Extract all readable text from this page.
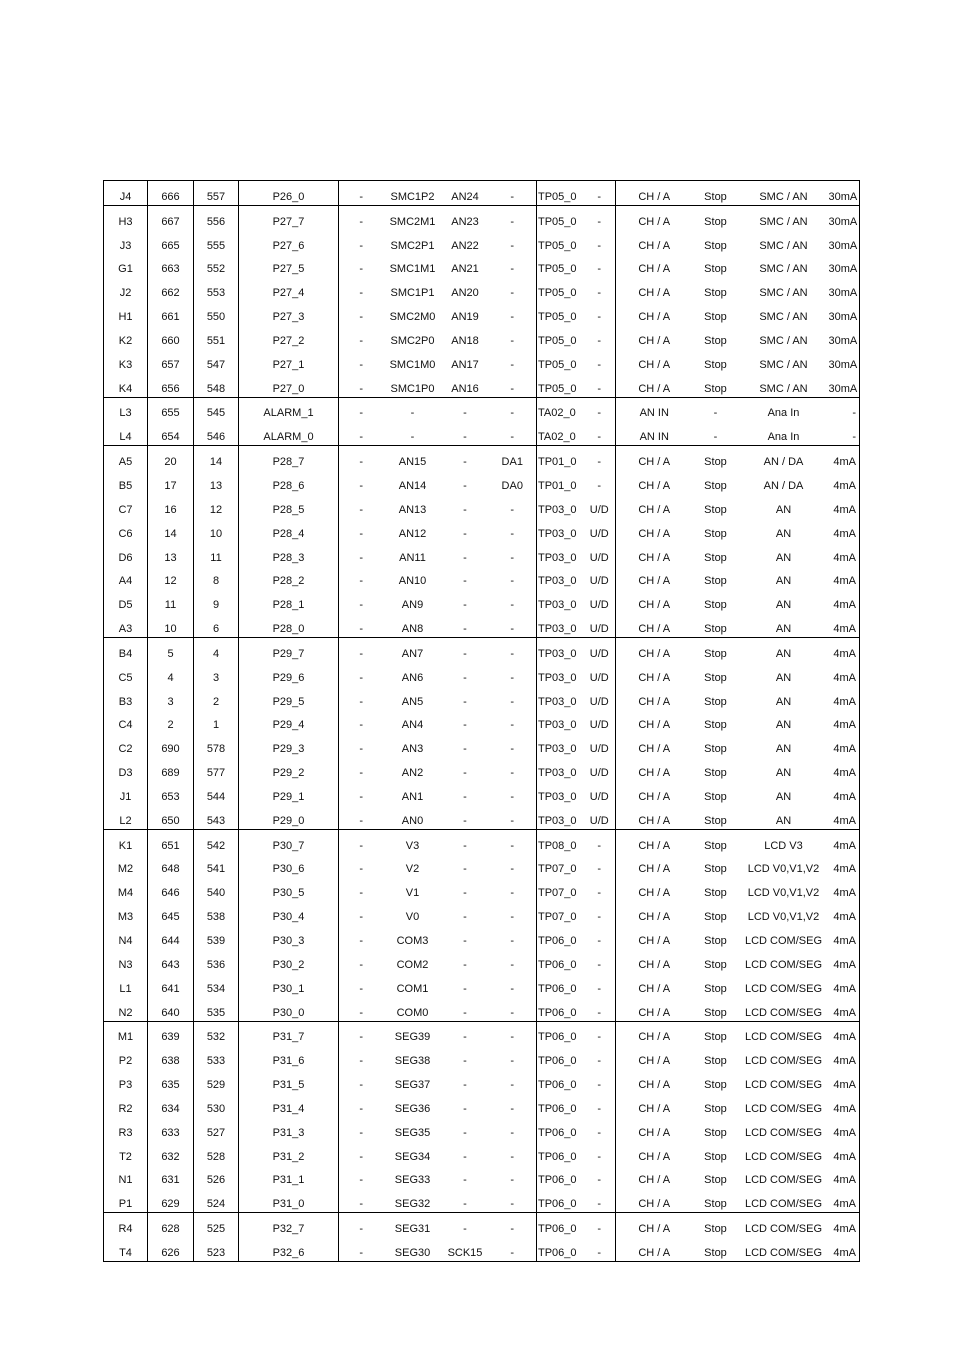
J4	666	557	P26_0	-	SMC1P2	AN24	-	TP05_0	-	CH / A	Stop	SMC / AN	30mA
H3	667	556	P27_7	-	SMC2M1	AN23	-	TP05_0	-	CH / A	Stop	SMC / AN	30mA
J3	665	555	P27_6	-	SMC2P1	AN22	-	TP05_0	-	CH / A	Stop	SMC / AN	30mA
G1	663	552	P27_5	-	SMC1M1	AN21	-	TP05_0	-	CH / A	Stop	SMC / AN	30mA
J2	662	553	P27_4	-	SMC1P1	AN20	-	TP05_0	-	CH / A	Stop	SMC / AN	30mA
H1	661	550	P27_3	-	SMC2M0	AN19	-	TP05_0	-	CH / A	Stop	SMC / AN	30mA
K2	660	551	P27_2	-	SMC2P0	AN18	-	TP05_0	-	CH / A	Stop	SMC / AN	30mA
K3	657	547	P27_1	-	SMC1M0	AN17	-	TP05_0	-	CH / A	Stop	SMC / AN	30mA
K4	656	548	P27_0	-	SMC1P0	AN16	-	TP05_0	-	CH / A	Stop	SMC / AN	30mA
L3	655	545	ALARM_1	-	-	-	-	TA02_0	-	AN IN	-	Ana In	-
L4	654	546	ALARM_0	-	-	-	-	TA02_0	-	AN IN	-	Ana In	-
A5	20	14	P28_7	-	AN15	-	DA1	TP01_0	-	CH / A	Stop	AN / DA	4mA
B5	17	13	P28_6	-	AN14	-	DA0	TP01_0	-	CH / A	Stop	AN / DA	4mA
C7	16	12	P28_5	-	AN13	-	-	TP03_0	U/D	CH / A	Stop	AN	4mA
C6	14	10	P28_4	-	AN12	-	-	TP03_0	U/D	CH / A	Stop	AN	4mA
D6	13	11	P28_3	-	AN11	-	-	TP03_0	U/D	CH / A	Stop	AN	4mA
A4	12	8	P28_2	-	AN10	-	-	TP03_0	U/D	CH / A	Stop	AN	4mA
D5	11	9	P28_1	-	AN9	-	-	TP03_0	U/D	CH / A	Stop	AN	4mA
A3	10	6	P28_0	-	AN8	-	-	TP03_0	U/D	CH / A	Stop	AN	4mA
B4	5	4	P29_7	-	AN7	-	-	TP03_0	U/D	CH / A	Stop	AN	4mA
C5	4	3	P29_6	-	AN6	-	-	TP03_0	U/D	CH / A	Stop	AN	4mA
B3	3	2	P29_5	-	AN5	-	-	TP03_0	U/D	CH / A	Stop	AN	4mA
C4	2	1	P29_4	-	AN4	-	-	TP03_0	U/D	CH / A	Stop	AN	4mA
C2	690	578	P29_3	-	AN3	-	-	TP03_0	U/D	CH / A	Stop	AN	4mA
D3	689	577	P29_2	-	AN2	-	-	TP03_0	U/D	CH / A	Stop	AN	4mA
J1	653	544	P29_1	-	AN1	-	-	TP03_0	U/D	CH / A	Stop	AN	4mA
L2	650	543	P29_0	-	AN0	-	-	TP03_0	U/D	CH / A	Stop	AN	4mA
K1	651	542	P30_7	-	V3	-	-	TP08_0	-	CH / A	Stop	LCD V3	4mA
M2	648	541	P30_6	-	V2	-	-	TP07_0	-	CH / A	Stop	LCD V0,V1,V2	4mA
M4	646	540	P30_5	-	V1	-	-	TP07_0	-	CH / A	Stop	LCD V0,V1,V2	4mA
M3	645	538	P30_4	-	V0	-	-	TP07_0	-	CH / A	Stop	LCD V0,V1,V2	4mA
N4	644	539	P30_3	-	COM3	-	-	TP06_0	-	CH / A	Stop	LCD COM/SEG	4mA
N3	643	536	P30_2	-	COM2	-	-	TP06_0	-	CH / A	Stop	LCD COM/SEG	4mA
L1	641	534	P30_1	-	COM1	-	-	TP06_0	-	CH / A	Stop	LCD COM/SEG	4mA
N2	640	535	P30_0	-	COM0	-	-	TP06_0	-	CH / A	Stop	LCD COM/SEG	4mA
M1	639	532	P31_7	-	SEG39	-	-	TP06_0	-	CH / A	Stop	LCD COM/SEG	4mA
P2	638	533	P31_6	-	SEG38	-	-	TP06_0	-	CH / A	Stop	LCD COM/SEG	4mA
P3	635	529	P31_5	-	SEG37	-	-	TP06_0	-	CH / A	Stop	LCD COM/SEG	4mA
R2	634	530	P31_4	-	SEG36	-	-	TP06_0	-	CH / A	Stop	LCD COM/SEG	4mA
R3	633	527	P31_3	-	SEG35	-	-	TP06_0	-	CH / A	Stop	LCD COM/SEG	4mA
T2	632	528	P31_2	-	SEG34	-	-	TP06_0	-	CH / A	Stop	LCD COM/SEG	4mA
N1	631	526	P31_1	-	SEG33	-	-	TP06_0	-	CH / A	Stop	LCD COM/SEG	4mA
P1	629	524	P31_0	-	SEG32	-	-	TP06_0	-	CH / A	Stop	LCD COM/SEG	4mA
R4	628	525	P32_7	-	SEG31	-	-	TP06_0	-	CH / A	Stop	LCD COM/SEG	4mA
T4	626	523	P32_6	-	SEG30	SCK15	-	TP06_0	-	CH / A	Stop	LCD COM/SEG	4mA
